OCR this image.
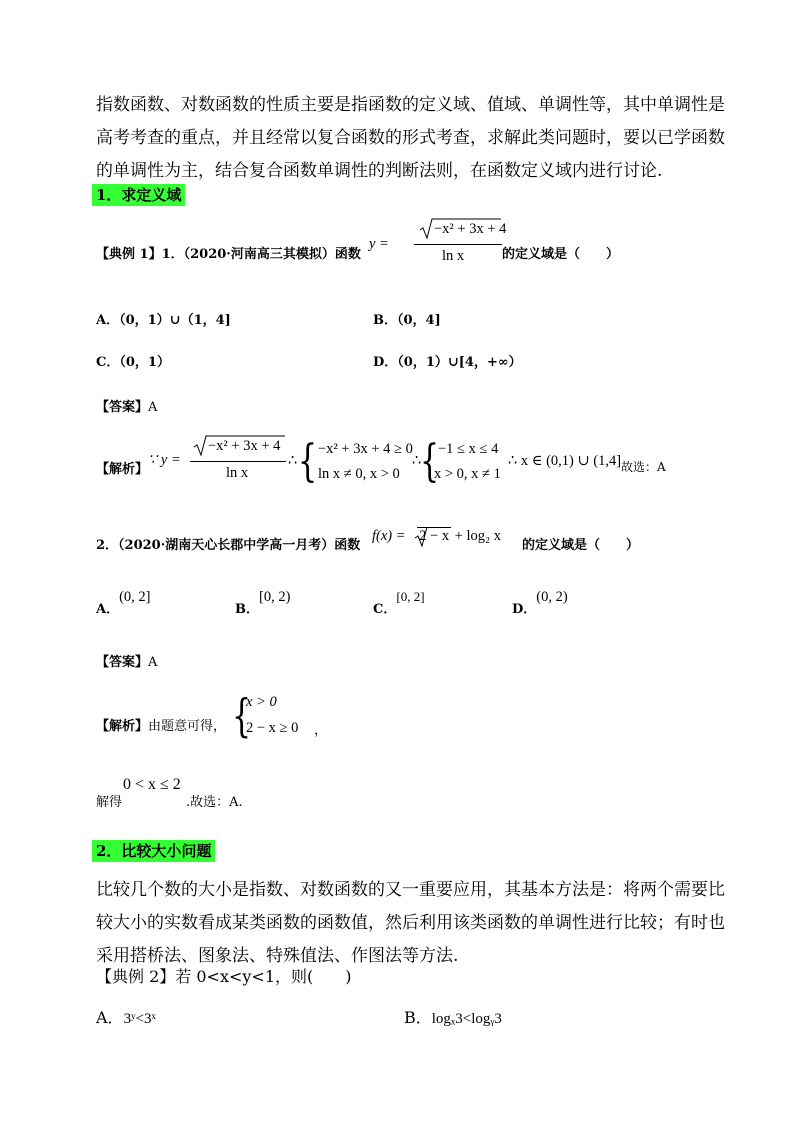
指数函数、对数函数的性质主要是指函数的定义域、值域、单调性等，其中单调性是
高考考查的重点，并且经常以复合函数的形式考查，求解此类问题时，要以已学函数
的单调性为主，结合复合函数单调性的判断法则，在函数定义域内进行讨论.
1．求定义域
【典例 1】1．（2020·河南高三其模拟）函数
y =
−x² + 3x + 4
ln x	的定义域是（　　）
A．（0，1）∪（1，4]	B．（0，4]
C．（0，1）	D．（0，1）∪[4，+∞）
【答案】A
【解析】
∵ y =
−x² + 3x + 4
ln x
∴ { −x² + 3x + 4 ≥ 0
ln x ≠ 0, x > 0
∴
{
−1 ≤ x ≤ 4
x > 0, x ≠ 1
∴ x ∈ (0,1) ∪ (1,4] 故选：A
2．（2020·湖南天心长郡中学高一月考）函数
f(x) = 2 − x + log₂ x
的定义域是（　　）
$_{A.}$(0, 2]
$_{B.}$[0, 2)
$_{C.}$[0, 2]
$_{D.}$(0, 2)
【答案】A
【解析】由题意可得， {
x > 0
2 − x ≥ 0 ，
解得
0 < x ≤ 2
.故选：A.
2．比较大小问题
比较几个数的大小是指数、对数函数的又一重要应用，其基本方法是：将两个需要比
较大小的实数看成某类函数的函数值，然后利用该类函数的单调性进行比较；有时也
采用搭桥法、图象法、特殊值法、作图法等方法.
【典例 2】若 0<x<y<1，则(　　)
A．3ʸ<3ˣ	B．logₓ3<logᵧ3
